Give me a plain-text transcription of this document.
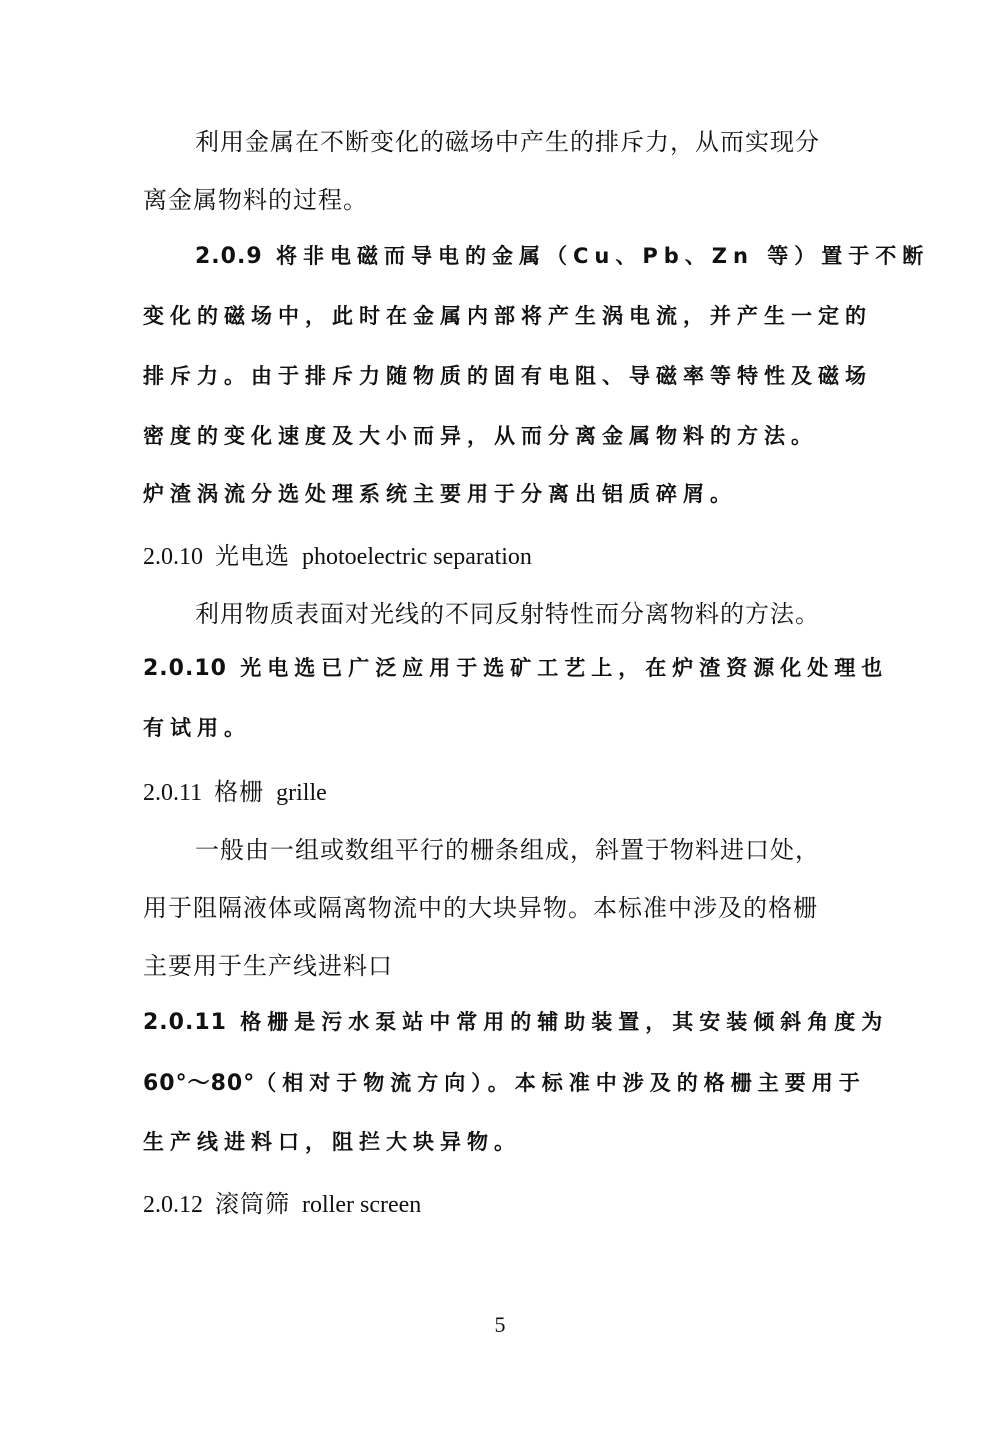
利用金属在不断变化的磁场中产生的排斥力，从而实现分
离金属物料的过程。
2.0.9 将非电磁而导电的金属（Cu、Pb、Zn 等）置于不断
变化的磁场中，此时在金属内部将产生涡电流，并产生一定的
排斥力。由于排斥力随物质的固有电阻、导磁率等特性及磁场
密度的变化速度及大小而异，从而分离金属物料的方法。
炉渣涡流分选处理系统主要用于分离出铝质碎屑。
2.0.10 光电选 photoelectric separation
利用物质表面对光线的不同反射特性而分离物料的方法。
2.0.10 光电选已广泛应用于选矿工艺上，在炉渣资源化处理也
有试用。
2.0.11 格栅 grille
一般由一组或数组平行的栅条组成，斜置于物料进口处，
用于阻隔液体或隔离物流中的大块异物。本标准中涉及的格栅
主要用于生产线进料口
2.0.11 格栅是污水泵站中常用的辅助装置，其安装倾斜角度为
60°～80°（相对于物流方向）。本标准中涉及的格栅主要用于
生产线进料口，阻拦大块异物。
2.0.12 滚筒筛 roller screen
5
